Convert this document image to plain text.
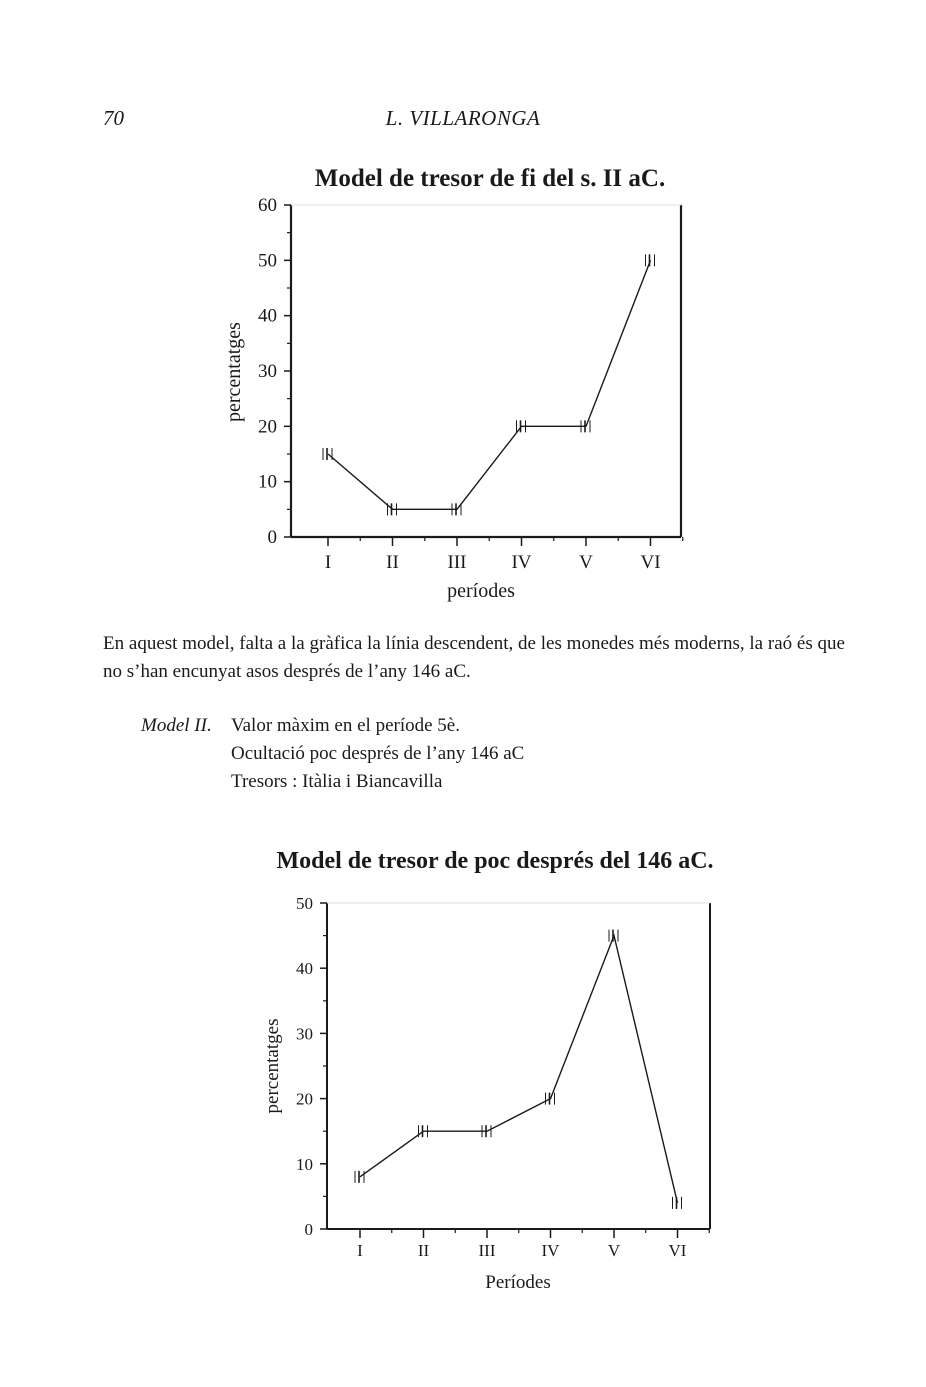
70	L. VILLARONGA
Model de tresor de fi del s. II aC.
0
10
20
30
40
50
60
I	II	III IV	V	VI
períodes
percentatges
En aquest model, falta a la gràfica la línia descendent, de les monedes més moderns, la raó és que no s’han encunyat asos després de l’any 146 aC.
Model II. Valor màxim en el període 5è.
Ocultació poc després de l’any 146 aC
Tresors : Itàlia i Biancavilla
Model de tresor de poc després del 146 aC.
0
10
20
30
40
50
I	II	III	IV	V	VI
Períodes
percentatges
